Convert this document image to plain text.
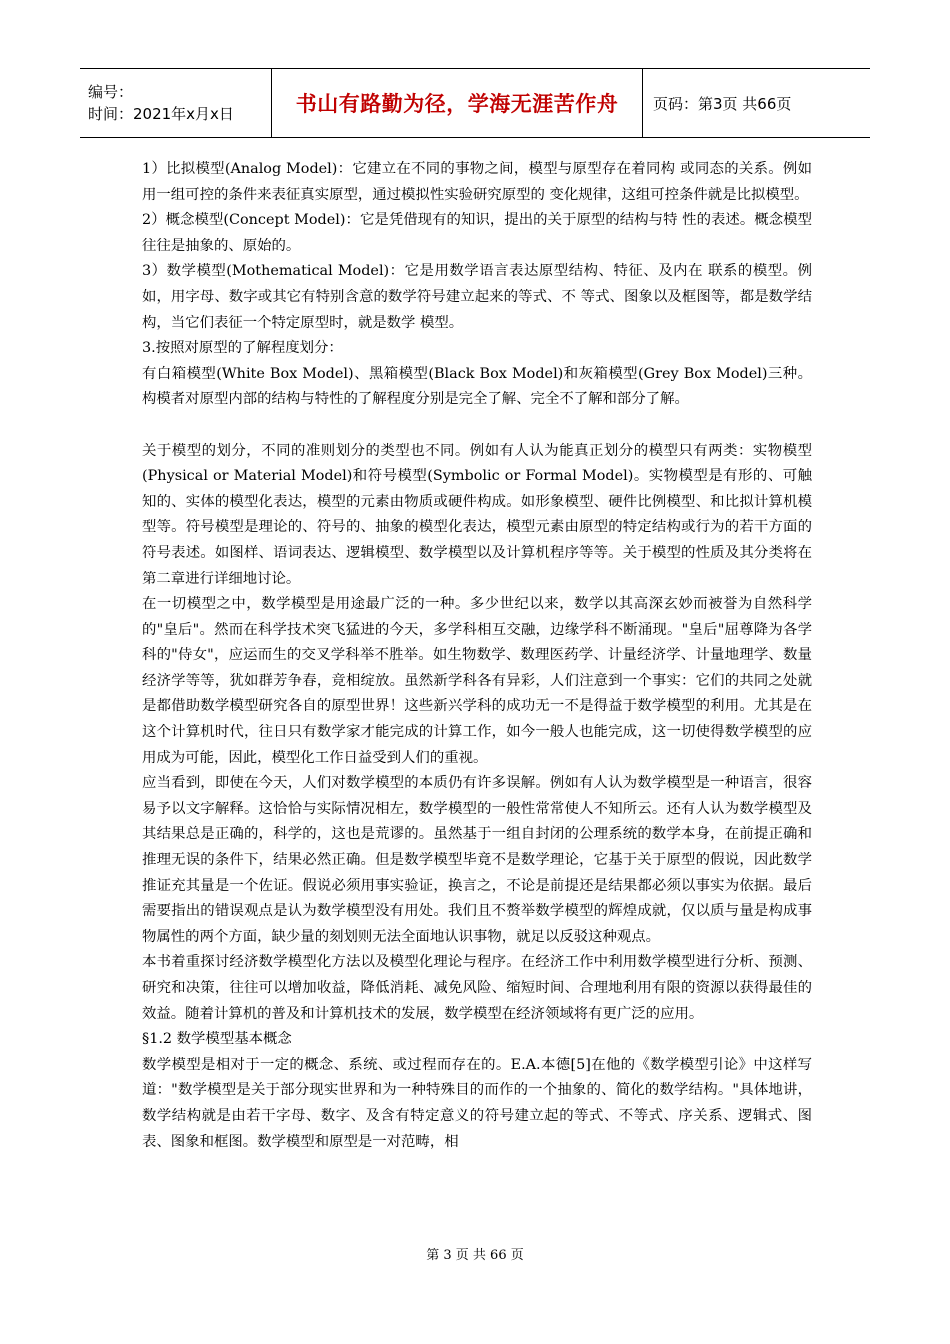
编号：
时间：2021年x月x日	书山有路勤为径，学海无涯苦作舟 页码：第3页 共66页

1）比拟模型(Analog Model)：它建立在不同的事物之间，模型与原型存在着同构 或同态的关系。例如用一组可控的条件来表征真实原型，通过模拟性实验研究原型的 变化规律，这组可控条件就是比拟模型。

2）概念模型(Concept Model)：它是凭借现有的知识，提出的关于原型的结构与特 性的表述。概念模型往往是抽象的、原始的。

3）数学模型(Mothematical Model)：它是用数学语言表达原型结构、特征、及内在 联系的模型。例如，用字母、数字或其它有特别含意的数学符号建立起来的等式、不 等式、图象以及框图等，都是数学结构，当它们表征一个特定原型时，就是数学 模型。

3.按照对原型的了解程度划分：

有白箱模型(White Box Model)、黑箱模型(Black Box Model)和灰箱模型(Grey Box Model)三种。构模者对原型内部的结构与特性的了解程度分别是完全了解、完全不了解和部分了解。

关于模型的划分，不同的准则划分的类型也不同。例如有人认为能真正划分的模型只有两类：实物模型(Physical or Material Model)和符号模型(Symbolic or Formal Model)。实物模型是有形的、可触知的、实体的模型化表达，模型的元素由物质或硬件构成。如形象模型、硬件比例模型、和比拟计算机模型等。符号模型是理论的、符号的、抽象的模型化表达，模型元素由原型的特定结构或行为的若干方面的符号表述。如图样、语词表达、逻辑模型、数学模型以及计算机程序等等。关于模型的性质及其分类将在第二章进行详细地讨论。

在一切模型之中，数学模型是用途最广泛的一种。多少世纪以来，数学以其高深玄妙而被誉为自然科学的"皇后"。然而在科学技术突飞猛进的今天，多学科相互交融，边缘学科不断涌现。"皇后"屈尊降为各学科的"侍女"，应运而生的交叉学科举不胜举。如生物数学、数理医药学、计量经济学、计量地理学、数量经济学等等，犹如群芳争春，竞相绽放。虽然新学科各有异彩，人们注意到一个事实：它们的共同之处就是都借助数学模型研究各自的原型世界！这些新兴学科的成功无一不是得益于数学模型的利用。尤其是在这个计算机时代，往日只有数学家才能完成的计算工作，如今一般人也能完成，这一切使得数学模型的应用成为可能，因此，模型化工作日益受到人们的重视。

应当看到，即使在今天，人们对数学模型的本质仍有许多误解。例如有人认为数学模型是一种语言，很容易予以文字解释。这恰恰与实际情况相左，数学模型的一般性常常使人不知所云。还有人认为数学模型及其结果总是正确的，科学的，这也是荒谬的。虽然基于一组自封闭的公理系统的数学本身，在前提正确和推理无误的条件下，结果必然正确。但是数学模型毕竟不是数学理论，它基于关于原型的假说，因此数学推证充其量是一个佐证。假说必须用事实验证，换言之，不论是前提还是结果都必须以事实为依据。最后需要指出的错误观点是认为数学模型没有用处。我们且不赘举数学模型的辉煌成就，仅以质与量是构成事物属性的两个方面，缺少量的刻划则无法全面地认识事物，就足以反驳这种观点。

本书着重探讨经济数学模型化方法以及模型化理论与程序。在经济工作中利用数学模型进行分析、预测、研究和决策，往往可以增加收益，降低消耗、减免风险、缩短时间、合理地利用有限的资源以获得最佳的效益。随着计算机的普及和计算机技术的发展，数学模型在经济领域将有更广泛的应用。

§1.2 数学模型基本概念

数学模型是相对于一定的概念、系统、或过程而存在的。E.A.本德[5]在他的《数学模型引论》中这样写道："数学模型是关于部分现实世界和为一种特殊目的而作的一个抽象的、简化的数学结构。"具体地讲，数学结构就是由若干字母、数字、及含有特定意义的符号建立起的等式、不等式、序关系、逻辑式、图表、图象和框图。数学模型和原型是一对范畴，相

第 3 页 共 66 页
